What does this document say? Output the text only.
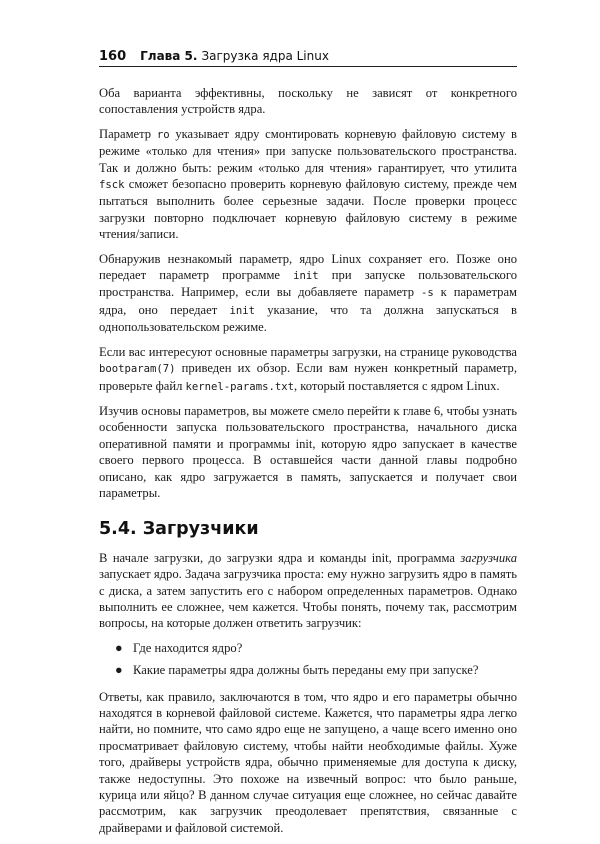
160 Глава 5. Загрузка ядра Linux

Оба варианта эффективны, поскольку не зависят от конкретного сопоставления устройств ядра.

Параметр ro указывает ядру смонтировать корневую файловую систему в режиме «только для чтения» при запуске пользовательского пространства. Так и должно быть: режим «только для чтения» гарантирует, что утилита fsck сможет безопасно проверить корневую файловую систему, прежде чем пытаться выполнить более серьезные задачи. После проверки процесс загрузки повторно подключает корневую файловую систему в режиме чтения/записи.

Обнаружив незнакомый параметр, ядро Linux сохраняет его. Позже оно передает параметр программе init при запуске пользовательского пространства. Например, если вы добавляете параметр -s к параметрам ядра, оно передает init указание, что та должна запускаться в однопользовательском режиме.

Если вас интересуют основные параметры загрузки, на странице руководства bootparam(7) приведен их обзор. Если вам нужен конкретный параметр, проверьте файл kernel-params.txt, который поставляется с ядром Linux.

Изучив основы параметров, вы можете смело перейти к главе 6, чтобы узнать особенности запуска пользовательского пространства, начального диска оперативной памяти и программы init, которую ядро запускает в качестве своего первого процесса. В оставшейся части данной главы подробно описано, как ядро загружается в память, запускается и получает свои параметры.

5.4. Загрузчики

В начале загрузки, до загрузки ядра и команды init, программа загрузчика запускает ядро. Задача загрузчика проста: ему нужно загрузить ядро в память с диска, а затем запустить его с набором определенных параметров. Однако выполнить ее сложнее, чем кажется. Чтобы понять, почему так, рассмотрим вопросы, на которые должен ответить загрузчик:

● Где находится ядро?
● Какие параметры ядра должны быть переданы ему при запуске?

Ответы, как правило, заключаются в том, что ядро и его параметры обычно находятся в корневой файловой системе. Кажется, что параметры ядра легко найти, но помните, что само ядро еще не запущено, а чаще всего именно оно просматривает файловую систему, чтобы найти необходимые файлы. Хуже того, драйверы устройств ядра, обычно применяемые для доступа к диску, также недоступны. Это похоже на извечный вопрос: что было раньше, курица или яйцо? В данном случае ситуация еще сложнее, но сейчас давайте рассмотрим, как загрузчик преодолевает препятствия, связанные с драйверами и файловой системой.
